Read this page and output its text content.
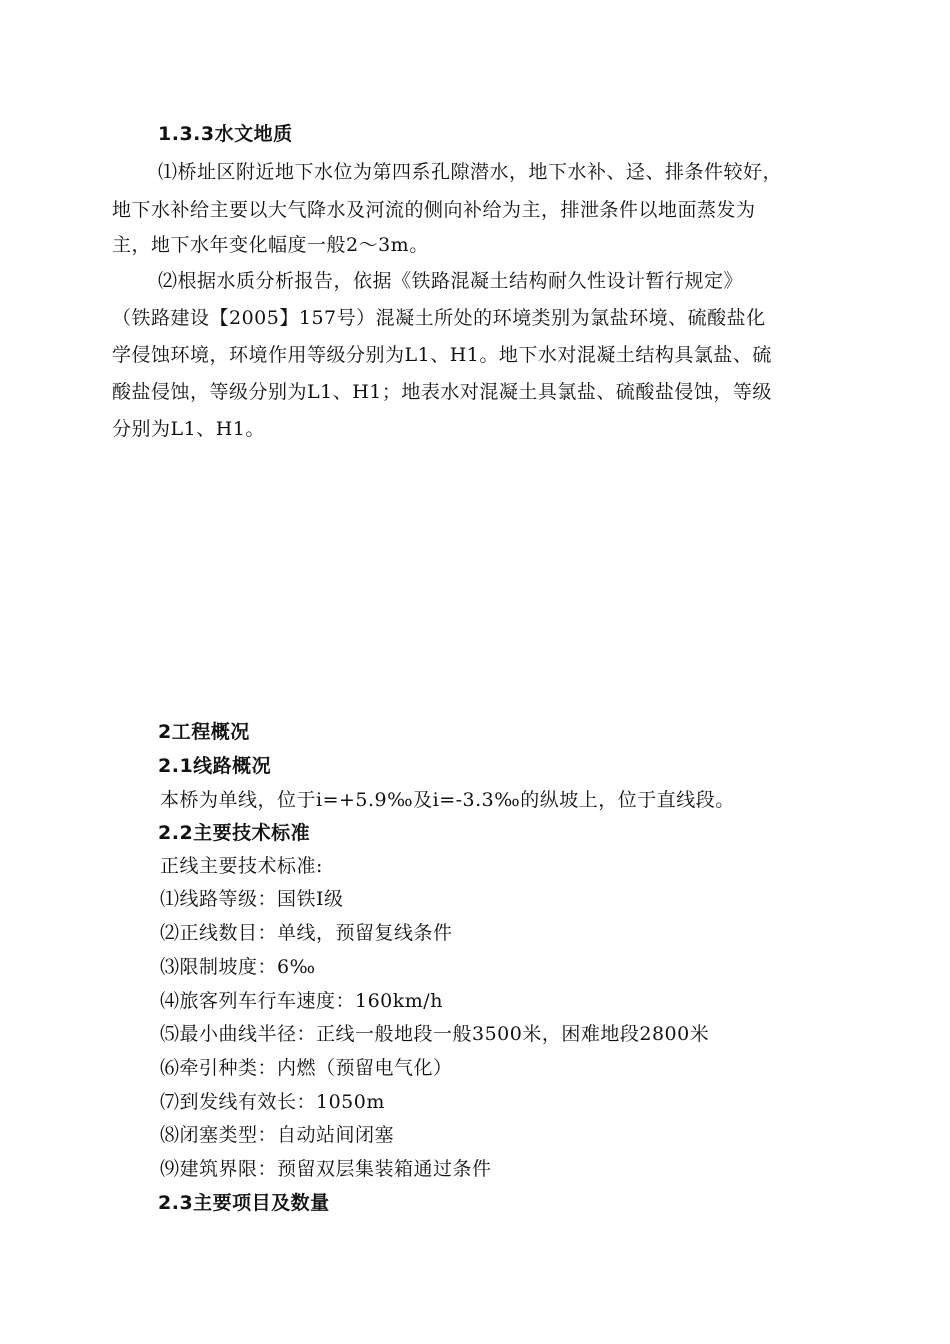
1.3.3水文地质
⑴桥址区附近地下水位为第四系孔隙潜水，地下水补、迳、排条件较好，
地下水补给主要以大气降水及河流的侧向补给为主，排泄条件以地面蒸发为
主，地下水年变化幅度一般2～3m。
⑵根据水质分析报告，依据《铁路混凝土结构耐久性设计暂行规定》
（铁路建设【2005】157号）混凝土所处的环境类别为氯盐环境、硫酸盐化
学侵蚀环境，环境作用等级分别为L1、H1。地下水对混凝土结构具氯盐、硫
酸盐侵蚀，等级分别为L1、H1；地表水对混凝土具氯盐、硫酸盐侵蚀，等级
分别为L1、H1。
2工程概况
2.1线路概况
本桥为单线，位于i=+5.9‰及i=-3.3‰的纵坡上，位于直线段。
2.2主要技术标准
正线主要技术标准:
⑴线路等级：国铁Ⅰ级
⑵正线数目：单线，预留复线条件
⑶限制坡度：6‰
⑷旅客列车行车速度：160km/h
⑸最小曲线半径：正线一般地段一般3500米，困难地段2800米
⑹牵引种类：内燃（预留电气化）
⑺到发线有效长：1050m
⑻闭塞类型：自动站间闭塞
⑼建筑界限：预留双层集装箱通过条件
2.3主要项目及数量
